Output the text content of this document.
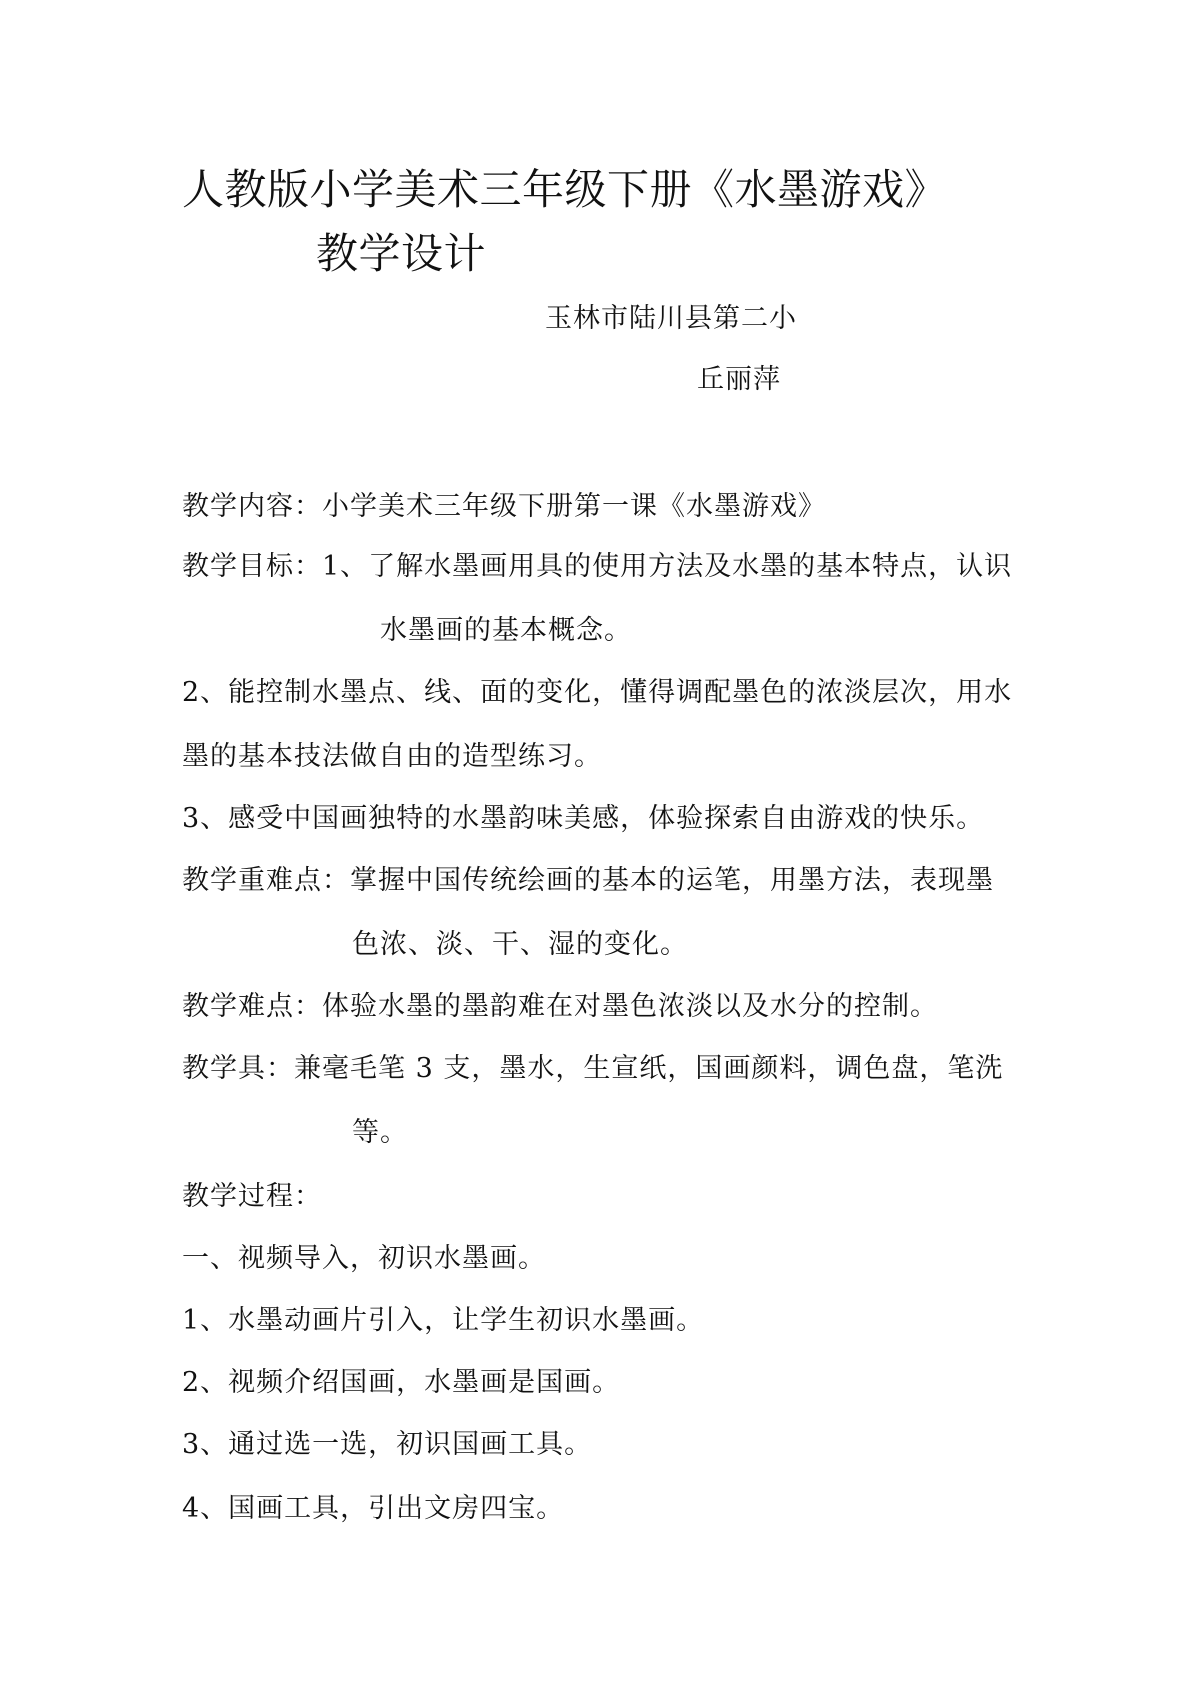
人教版小学美术三年级下册《水墨游戏》
教学设计
玉林市陆川县第二小
丘丽萍
教学内容：小学美术三年级下册第一课《水墨游戏》
教学目标：1、了解水墨画用具的使用方法及水墨的基本特点，认识
水墨画的基本概念。
2、能控制水墨点、线、面的变化，懂得调配墨色的浓淡层次，用水
墨的基本技法做自由的造型练习。
3、感受中国画独特的水墨韵味美感，体验探索自由游戏的快乐。
教学重难点：掌握中国传统绘画的基本的运笔，用墨方法，表现墨
色浓、淡、干、湿的变化。
教学难点：体验水墨的墨韵难在对墨色浓淡以及水分的控制。
教学具：兼毫毛笔 3 支，墨水，生宣纸，国画颜料，调色盘，笔洗
等。
教学过程：
一、视频导入，初识水墨画。
1、水墨动画片引入，让学生初识水墨画。
2、视频介绍国画，水墨画是国画。
3、通过选一选，初识国画工具。
4、国画工具，引出文房四宝。
